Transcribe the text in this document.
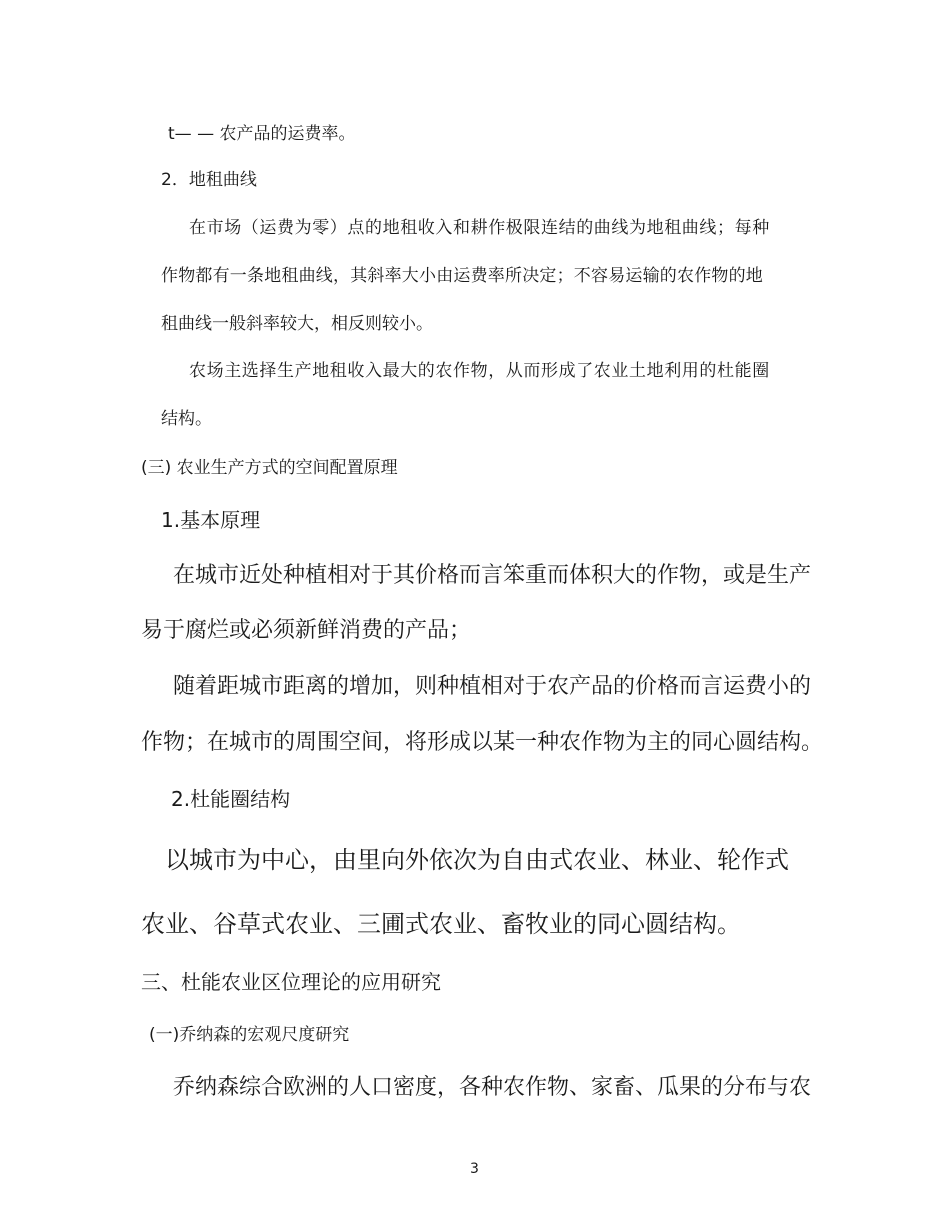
t— — 农产品的运费率。
2．地租曲线
在市场（运费为零）点的地租收入和耕作极限连结的曲线为地租曲线；每种
作物都有一条地租曲线，其斜率大小由运费率所决定；不容易运输的农作物的地
租曲线一般斜率较大，相反则较小。
农场主选择生产地租收入最大的农作物，从而形成了农业土地利用的杜能圈
结构。
(三) 农业生产方式的空间配置原理
1.基本原理
在城市近处种植相对于其价格而言笨重而体积大的作物，或是生产
易于腐烂或必须新鲜消费的产品；
随着距城市距离的增加，则种植相对于农产品的价格而言运费小的
作物；在城市的周围空间，将形成以某一种农作物为主的同心圆结构。
2.杜能圈结构
以城市为中心，由里向外依次为自由式农业、林业、轮作式
农业、谷草式农业、三圃式农业、畜牧业的同心圆结构。
三、杜能农业区位理论的应用研究
(一)乔纳森的宏观尺度研究
乔纳森综合欧洲的人口密度，各种农作物、家畜、瓜果的分布与农
3
